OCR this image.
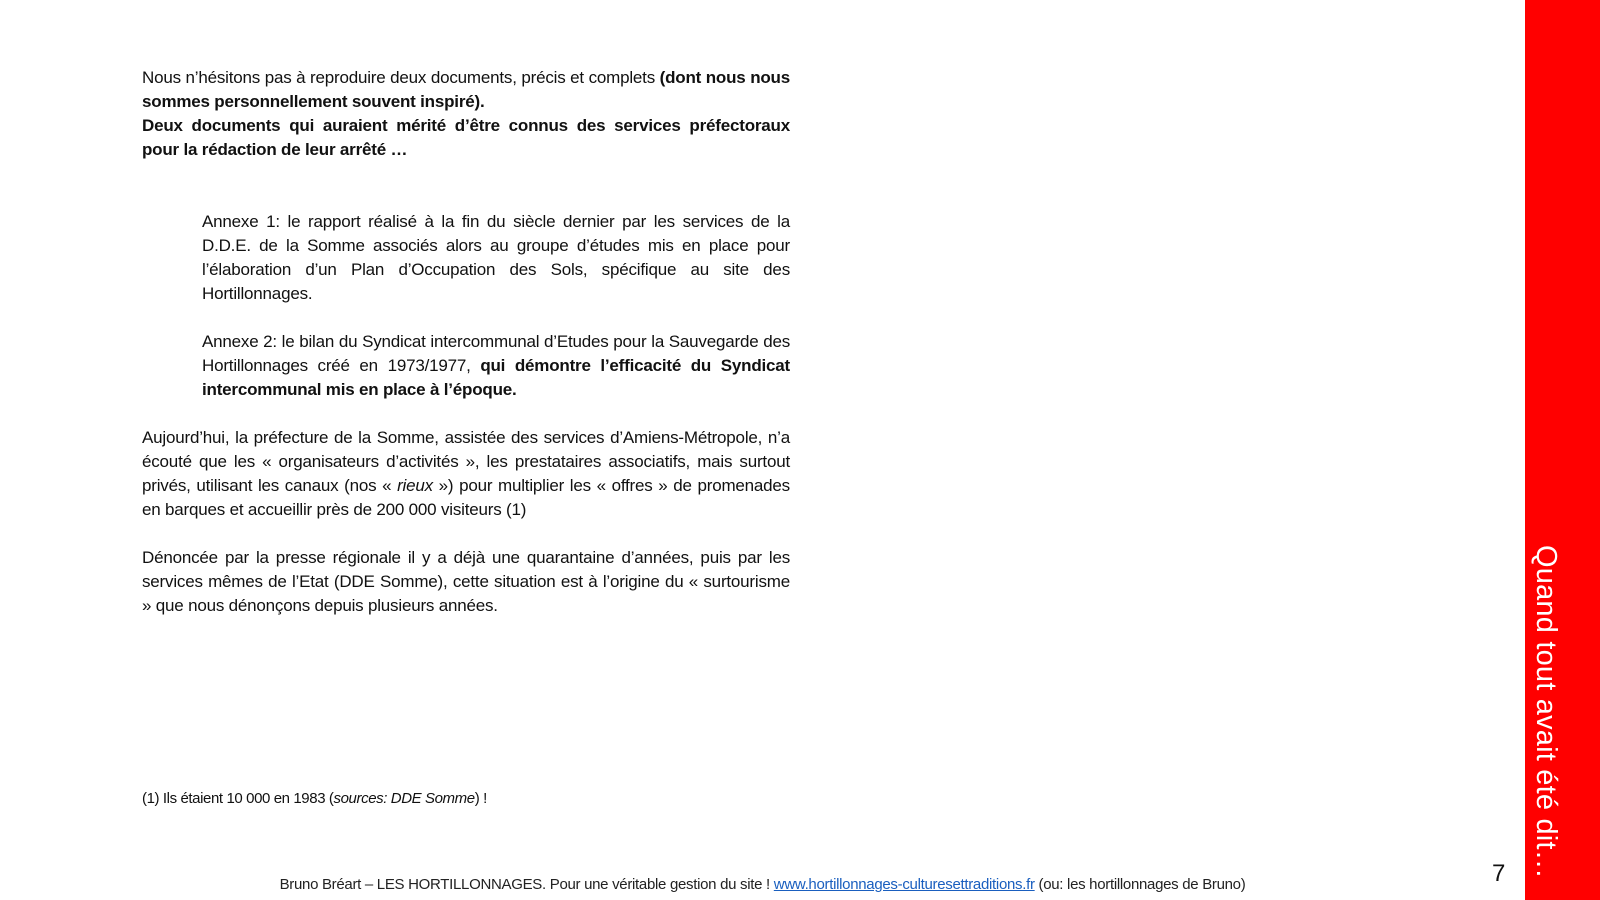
Nous n’hésitons pas à reproduire deux documents, précis et complets (dont nous nous sommes personnellement souvent inspiré).

Deux documents qui auraient mérité d’être connus des services préfectoraux pour la rédaction de leur arrêté …

Annexe 1: le rapport réalisé à la fin du siècle dernier par les services de la D.D.E. de la Somme associés alors au groupe d’études mis en place pour l’élaboration d’un Plan d’Occupation des Sols, spécifique au site des Hortillonnages.

Annexe 2: le bilan du Syndicat intercommunal d’Etudes pour la Sauvegarde des Hortillonnages créé en 1973/1977, qui démontre l’efficacité du Syndicat intercommunal mis en place à l’époque.

Aujourd’hui, la préfecture de la Somme, assistée des services d’Amiens-Métropole, n’a écouté que les « organisateurs d’activités », les prestataires associatifs, mais surtout privés, utilisant les canaux (nos « rieux ») pour multiplier les « offres » de promenades en barques et accueillir près de 200 000 visiteurs (1)

Dénoncée par la presse régionale il y a déjà une quarantaine d’années, puis par les services mêmes de l’Etat (DDE Somme), cette situation est à l’origine du « surtourisme » que nous dénonçons depuis plusieurs années.

(1) Ils étaient 10 000 en 1983 (sources: DDE Somme) !
Bruno Bréart – LES HORTILLONNAGES. Pour une véritable gestion du site ! www.hortillonnages-culturesettraditions.fr (ou: les hortillonnages de Bruno)	7 Quand tout avait été dit…
